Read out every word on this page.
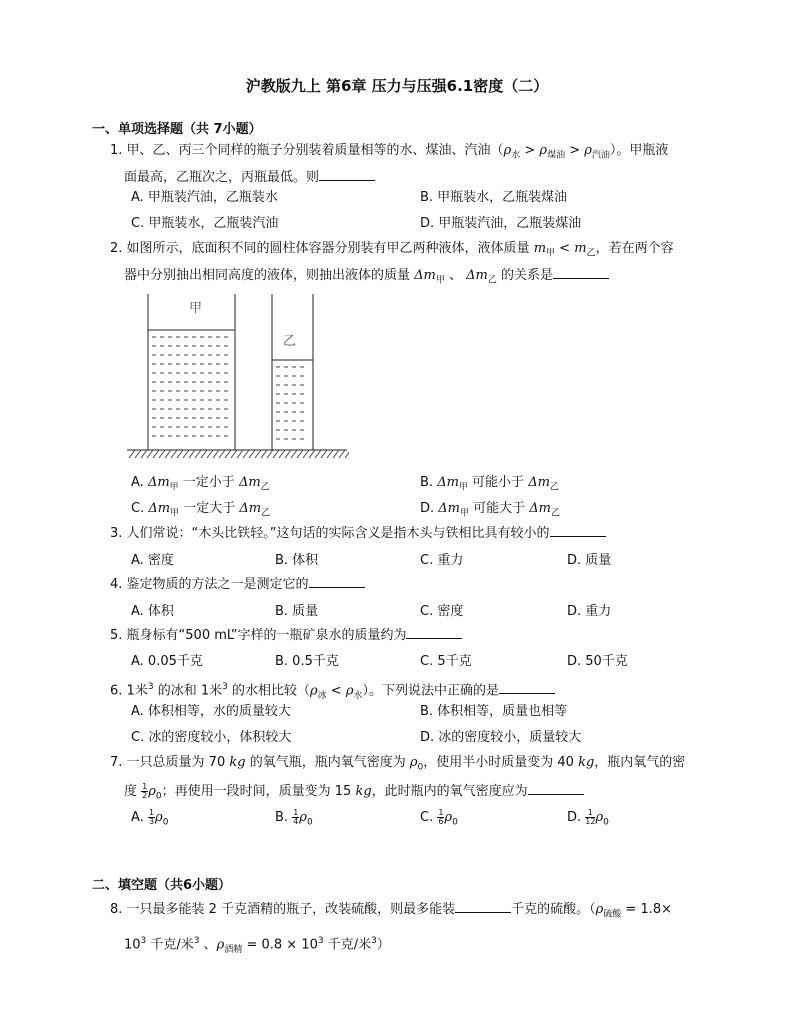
沪教版九上 第6章 压力与压强6.1密度（二）
一、单项选择题（共 7小题）
1. 甲、乙、丙三个同样的瓶子分别装着质量相等的水、煤油、汽油$(\rho_水 > \rho_{煤油} > \rho_{汽油})$。甲瓶液
面最高，乙瓶次之，丙瓶最低。则
A. 甲瓶装汽油，乙瓶装水	B. 甲瓶装水，乙瓶装煤油
C. 甲瓶装水，乙瓶装汽油	D. 甲瓶装汽油，乙瓶装煤油
2. 如图所示，底面积不同的圆柱体容器分别装有甲乙两种液体，液体质量 $m_甲 < m_乙$，若在两个容
器中分别抽出相同高度的液体，则抽出液体的质量 $\Delta m_甲$ 、 $\Delta m_乙$ 的关系是
甲
乙
A. $\Delta m_甲$ 一定小于 $\Delta m_乙$	B. $\Delta m_甲$ 可能小于 $\Delta m_乙$
C. $\Delta m_甲$ 一定大于 $\Delta m_乙$	D. $\Delta m_甲$ 可能大于 $\Delta m_乙$
3. 人们常说：“木头比铁轻。”这句话的实际含义是指木头与铁相比具有较小的
A. 密度	B. 体积	C. 重力	D. 质量
4. 鉴定物质的方法之一是测定它的
A. 体积	B. 质量	C. 密度	D. 重力
5. 瓶身标有“500 mL”字样的一瓶矿泉水的质量约为
A. 0.05千克	B. 0.5千克	C. 5千克	D. 50千克
6. 1米$^3$ 的冰和 1米$^3$ 的水相比较$(\rho_冰 < \rho_水)$。下列说法中正确的是
A. 体积相等，水的质量较大	B. 体积相等，质量也相等
C. 冰的密度较小，体积较大	D. 冰的密度较小，质量较大
7. 一只总质量为 70 kg 的氧气瓶，瓶内氧气密度为 $\rho_0$，使用半小时质量变为 40 kg，瓶内氧气的密
度 $\frac{1}{2} \rho_0$；再使用一段时间，质量变为 15 kg，此时瓶内的氧气密度应为
A. $\frac{1}{3} \rho_0$	B. $\frac{1}{4} \rho_0$	C. $\frac{1}{6} \rho_0$	D. $\frac{1}{12} \rho_0$
二、填空题（共6小题）
8. 一只最多能装 2 千克酒精的瓶子，改装硫酸，则最多能装	千克的硫酸。（$\rho_{硫酸} = 1.8\times$
$10^3$ 千克/米$^3$ 、$\rho_{酒精} = 0.8 \times 10^3$ 千克/米$^3$）
